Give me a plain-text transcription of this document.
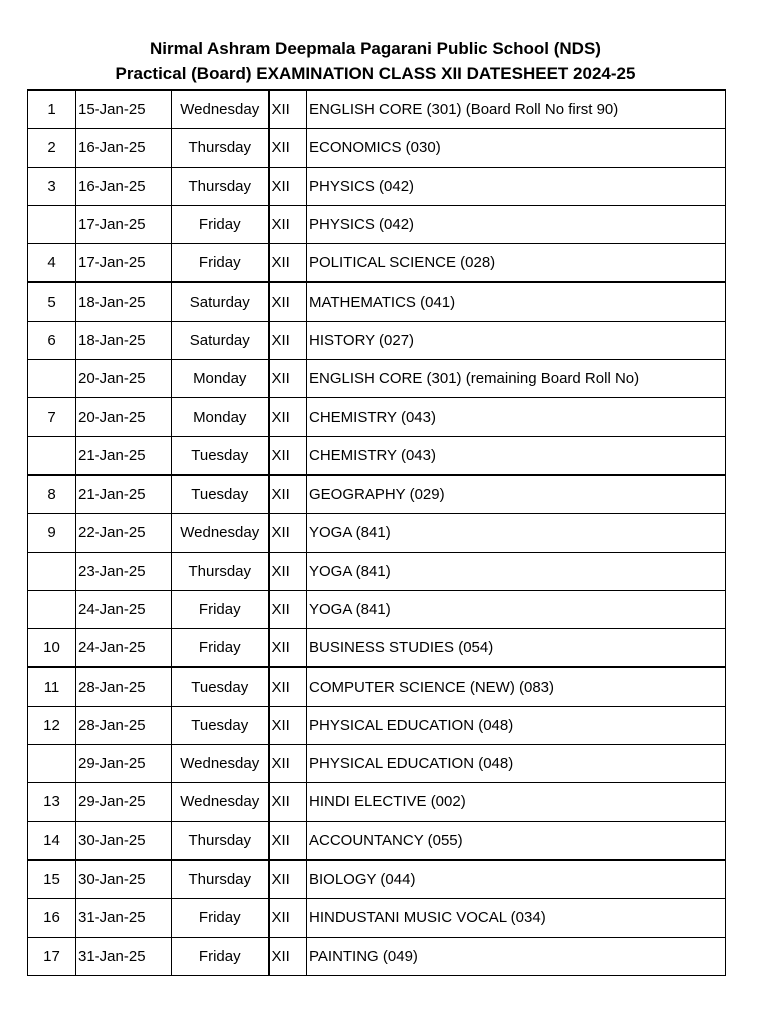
Nirmal Ashram Deepmala Pagarani Public School (NDS)
Practical (Board) EXAMINATION CLASS XII DATESHEET 2024-25
1	15-Jan-25	Wednesday	XII	ENGLISH CORE (301) (Board Roll No first 90)
2	16-Jan-25	Thursday	XII	ECONOMICS (030)
3	16-Jan-25	Thursday	XII	PHYSICS (042)
	17-Jan-25	Friday	XII	PHYSICS (042)
4	17-Jan-25	Friday	XII	POLITICAL SCIENCE (028)
5	18-Jan-25	Saturday	XII	MATHEMATICS (041)
6	18-Jan-25	Saturday	XII	HISTORY (027)
	20-Jan-25	Monday	XII	ENGLISH CORE (301) (remaining Board Roll No)
7	20-Jan-25	Monday	XII	CHEMISTRY (043)
	21-Jan-25	Tuesday	XII	CHEMISTRY (043)
8	21-Jan-25	Tuesday	XII	GEOGRAPHY (029)
9	22-Jan-25	Wednesday	XII	YOGA (841)
	23-Jan-25	Thursday	XII	YOGA (841)
	24-Jan-25	Friday	XII	YOGA (841)
10	24-Jan-25	Friday	XII	BUSINESS STUDIES (054)
11	28-Jan-25	Tuesday	XII	COMPUTER SCIENCE (NEW) (083)
12	28-Jan-25	Tuesday	XII	PHYSICAL EDUCATION (048)
	29-Jan-25	Wednesday	XII	PHYSICAL EDUCATION (048)
13	29-Jan-25	Wednesday	XII	HINDI ELECTIVE (002)
14	30-Jan-25	Thursday	XII	ACCOUNTANCY (055)
15	30-Jan-25	Thursday	XII	BIOLOGY (044)
16	31-Jan-25	Friday	XII	HINDUSTANI MUSIC VOCAL (034)
17	31-Jan-25	Friday	XII	PAINTING (049)
